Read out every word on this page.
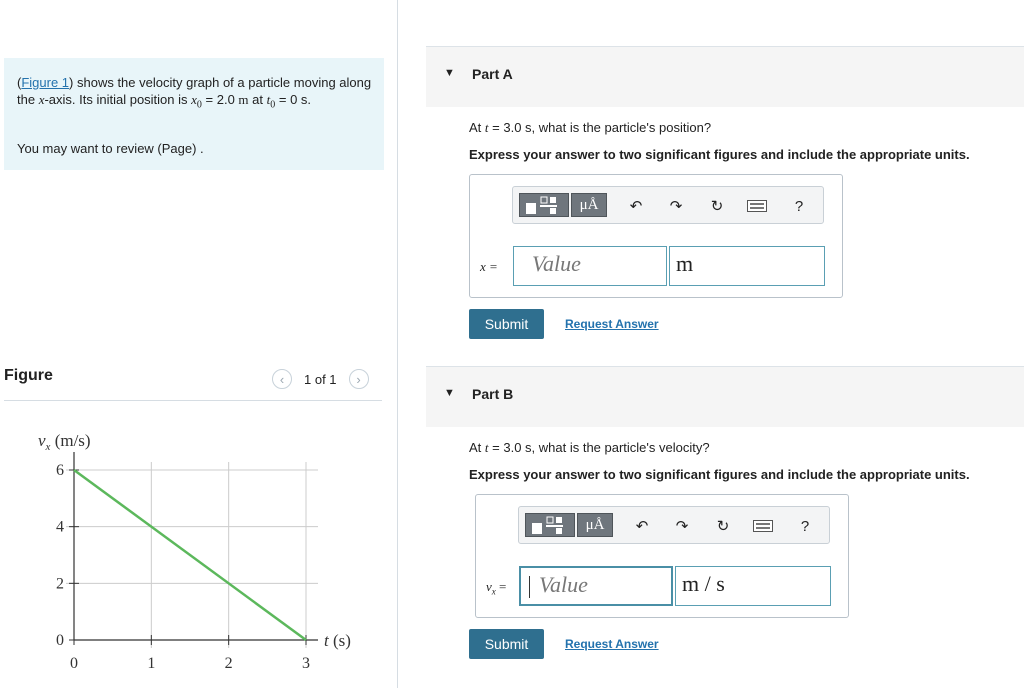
(Figure 1) shows the velocity graph of a particle moving along the x-axis. Its initial position is $x_0 = 2.0$ m at $t_0 = 0$ s.

You may want to review (Page) .

Figure	‹	1 of 1	›
0	1	2	3
0
2
4
6
$v_x$ (m/s)
t (s)
▼ Part A
At t = 3.0 s, what is the particle's position?
Express your answer to two significant figures and include the appropriate units.
μÅ	↶	↷	↻	?
x =	Value	m
Submit	Request Answer
▼ Part B
At t = 3.0 s, what is the particle's velocity?
Express your answer to two significant figures and include the appropriate units.
μÅ	↶	↷	↻	?
$v_x$ =	Value	m / s
Submit	Request Answer
